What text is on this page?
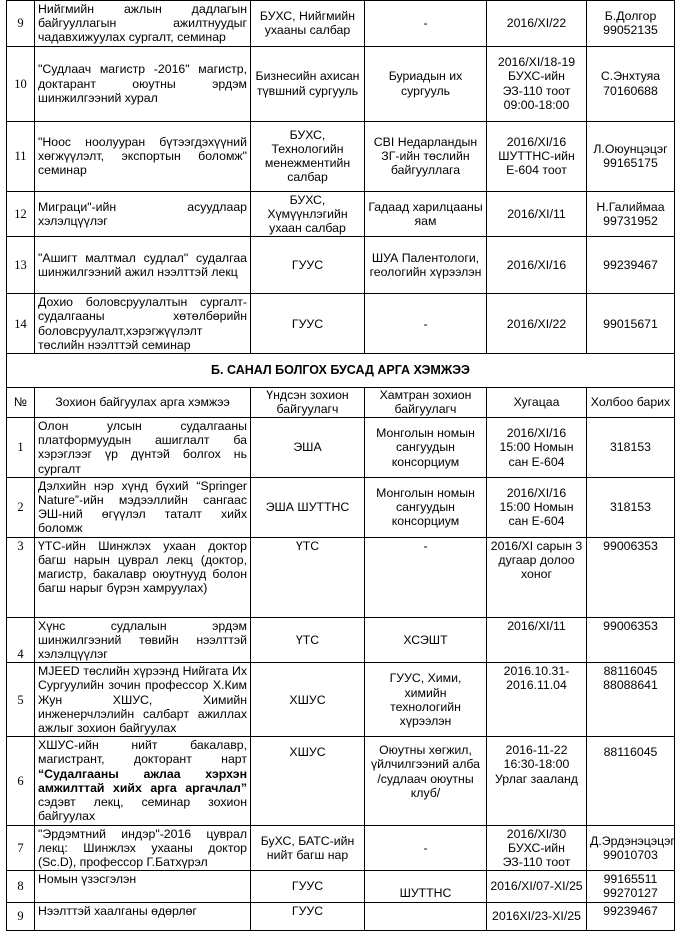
9	Нийгмийн ажлын дадлагын байгууллагын ажилтнуудыг чадавхижуулах сургалт, семинар	БУХС, Нийгмийн ухааны салбар	-	2016/XI/22	Б.Долгор 99052135
10	"Судлаач магистр -2016" магистр, доктарант оюутны эрдэм шинжилгээний хурал	Бизнесийн ахисан түвшний сургууль	Буриадын их сургууль	2016/XI/18-19 БУХС-ийн ЭЗ-110 тоот 09:00-18:00	С.Энхтуяа 70160688
11	"Ноос ноолууран бүтээгдэхүүний хөгжүүлэлт, экспортын боломж" семинар	БУХС, Технологийн менежментийн салбар	CBI Недарландын ЗГ-ийн төслийн байгууллага	2016/XI/16 ШУТТНС-ийн Е-604 тоот	Л.Оюунцэцэг 99165175
12	Миграци"-ийн асуудлаар хэлэлцүүлэг	БУХС, Хүмүүнлэгийн ухаан салбар	Гадаад харилцааны яам	2016/XI/11	Н.Галиймаа 99731952
13	"Ашигт малтмал судлал" судалгаа шинжилгээний ажил нээлттэй лекц	ГУУС	ШУА Палентологи, геологийн хүрээлэн	2016/XI/16	99239467
14	Дохио боловсруулалтын сургалт-судалгааны хөтөлбөрийн боловсруулалт,хэрэгжүүлэлт төслийн нээлттэй семинар	ГУУС	-	2016/XI/22	99015671
Б. САНАЛ БОЛГОХ БУСАД АРГА ХЭМЖЭЭ					
№	Зохион байгуулах арга хэмжээ	Үндсэн зохион байгуулагч	Хамтран зохион байгуулагч	Хугацаа	Холбоо барих
1	Олон улсын судалгааны платформуудын ашиглалт ба хэрэглээг үр дүнтэй болгох нь сургалт	ЭША	Монголын номын сангуудын консорциум	2016/XI/16 15:00 Номын сан Е-604	318153
2	Дэлхийн нэр хүнд бүхий “Springer Nature”-ийн мэдээллийн сангаас ЭШ-ний өгүүлэл таталт хийх боломж	ЭША ШУТТНС	Монголын номын сангуудын консорциум	2016/XI/16 15:00 Номын сан Е-604	318153
3	ҮТС-ийн Шинжлэх ухаан доктор багш нарын цуврал лекц (доктор, магистр, бакалавр оюутнууд болон багш нарыг бүрэн хамруулах)	ҮТС	-	2016/XI сарын 3 дугаар долоо хоног	99006353
4	Хүнс судлалын эрдэм шинжилгээний төвийн нээлттэй хэлэлцүүлэг	ҮТС	ХСЭШТ	2016/XI/11	99006353
5	MJEED төслийн хүрээнд Нийгата Их Сургуулийн зочин профессор Х.Ким Жун ХШУС, Химийн инженерчлэлийн салбарт ажиллах ажлыг зохион байгуулах	ХШУС	ГУУС, Хими, химийн технологийн хүрээлэн	2016.10.31-2016.11.04	88116045 88088641
6	ХШУС-ийн нийт бакалавр, магистрант, докторант нарт “Судалгааны ажлаа хэрхэн амжилттай хийх арга аргачлал” сэдэвт лекц, семинар зохион байгуулах	ХШУС	Оюутны хөгжил, үйлчилгээний алба /судлаач оюутны клуб/	2016-11-22 16:30-18:00 Урлаг зааланд	88116045
7	"Эрдэмтний индэр"-2016 цуврал лекц: Шинжлэх ухааны доктор (Sc.D), профессор Г.Батхүрэл	БуХС, БАТС-ийн нийт багш нар	-	2016/XI/30 БУХС-ийн ЭЗ-110 тоот	Д.Эрдэнэцэцэг 99010703
8	Номын үзэсгэлэн	ГУУС	ШУТТНС	2016/XI/07-XI/25	99165511 99270127
9	Нээлттэй хаалганы өдөрлөг	ГУУС		2016XI/23-XI/25	99239467
